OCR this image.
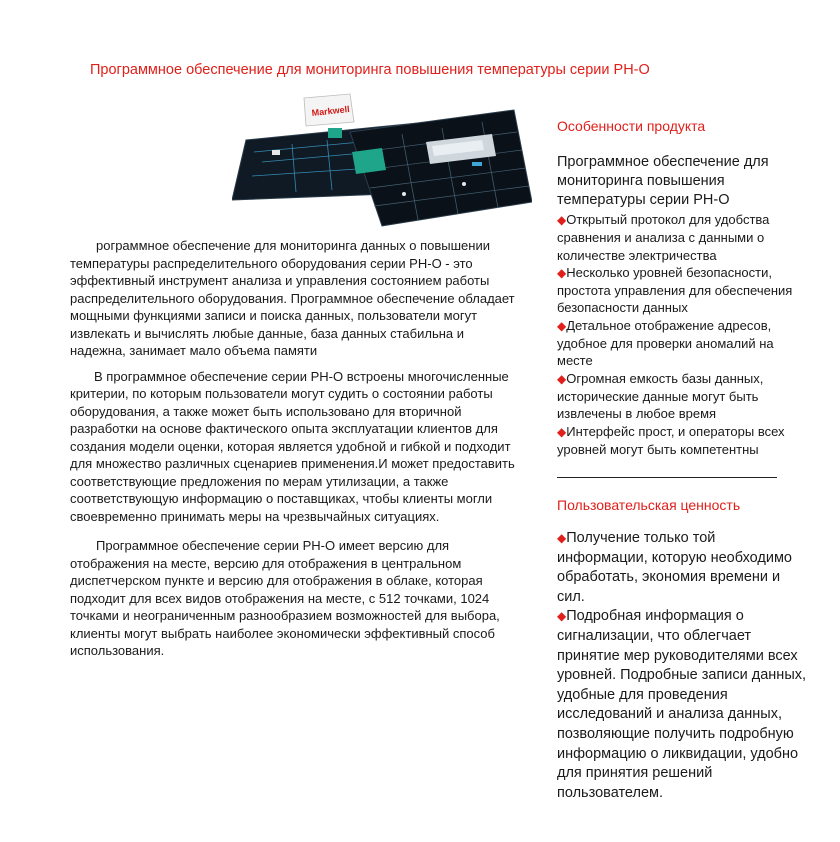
Программное обеспечение для мониторинга повышения температуры серии PH-O
Markwell

рограммное обеспечение для мониторинга данных о повышении температуры распределительного оборудования серии PH-O - это эффективный инструмент анализа и управления состоянием работы распределительного оборудования. Программное обеспечение обладает мощными функциями записи и поиска данных, пользователи могут извлекать и вычислять любые данные, база данных стабильна и надежна, занимает мало объема памяти

В программное обеспечение серии PH-O встроены многочисленные критерии, по которым пользователи могут судить о состоянии работы оборудования, а также может быть использовано для вторичной разработки на основе фактического опыта эксплуатации клиентов для создания модели оценки, которая является удобной и гибкой и подходит для множество различных сценариев применения.И может предоставить соответствующие предложения по мерам утилизации, а также соответствующую информацию о поставщиках, чтобы клиенты могли своевременно принимать меры на чрезвычайных ситуациях.

Программное обеспечение серии PH-O имеет версию для отображения на месте, версию для отображения в центральном диспетчерском пункте и версию для отображения в облаке, которая подходит для всех видов отображения на месте, с 512 точками, 1024 точками и неограниченным разнообразием возможностей для выбора, клиенты могут выбрать наиболее экономически эффективный способ использования.

Особенности продукта
Программное обеспечение для мониторинга повышения температуры серии PH-O
◆Открытый протокол для удобства сравнения и анализа с данными о количестве электричества
◆Несколько уровней безопасности, простота управления для обеспечения безопасности данных
◆Детальное отображение адресов, удобное для проверки аномалий на месте
◆Огромная емкость базы данных, исторические данные могут быть извлечены в любое время
◆Интерфейс прост, и операторы всех уровней могут быть компетентны
Пользовательская ценность
◆Получение только той информации, которую необходимо обработать, экономия времени и сил.
◆Подробная информация о сигнализации, что облегчает принятие мер руководителями всех уровней. Подробные записи данных, удобные для проведения исследований и анализа данных, позволяющие получить подробную информацию о ликвидации, удобно для принятия решений пользователем.
